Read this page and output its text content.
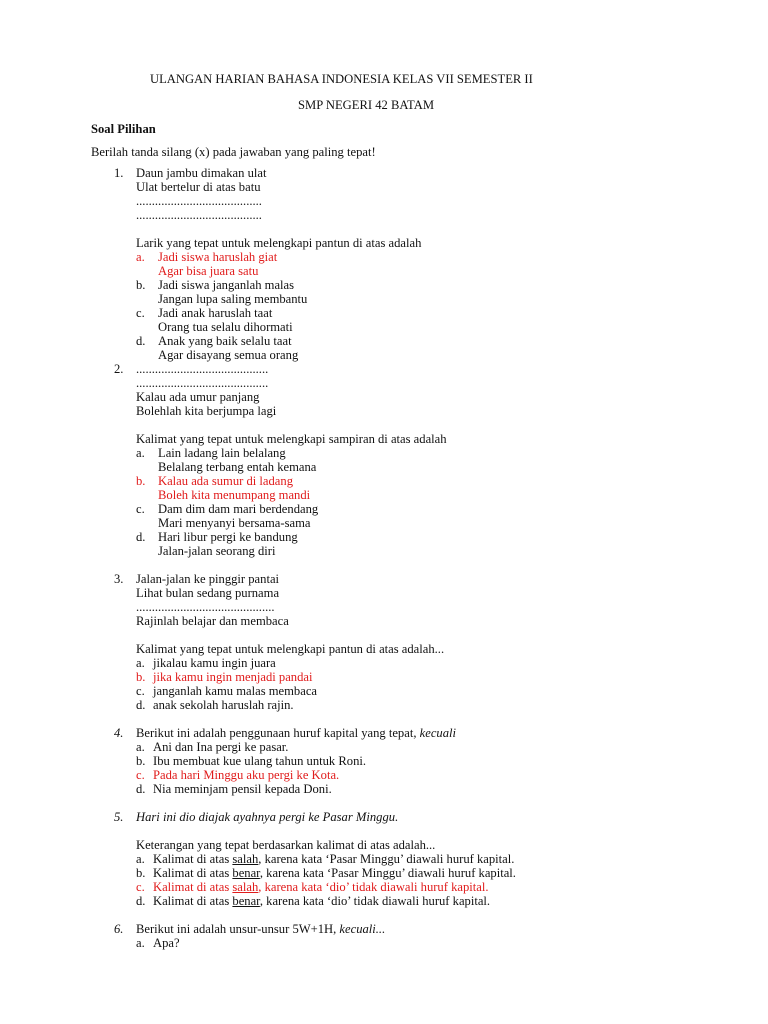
ULANGAN HARIAN BAHASA INDONESIA KELAS VII SEMESTER II
SMP NEGERI 42 BATAM
Soal Pilihan
Berilah tanda silang (x) pada jawaban yang paling tepat!
1. Daun jambu dimakan ulat
Ulat bertelur di atas batu
........................................
........................................
Larik yang tepat untuk melengkapi pantun di atas adalah
a. Jadi siswa haruslah giat
Agar bisa juara satu
b. Jadi siswa janganlah malas
Jangan lupa saling membantu
c. Jadi anak haruslah taat
Orang tua selalu dihormati
d. Anak yang baik selalu taat
Agar disayang semua orang
2. ..........................................
..........................................
Kalau ada umur panjang
Bolehlah kita berjumpa lagi
Kalimat yang tepat untuk melengkapi sampiran di atas adalah
a. Lain ladang lain belalang
Belalang terbang entah kemana
b. Kalau ada sumur di ladang
Boleh kita menumpang mandi
c. Dam dim dam mari berdendang
Mari menyanyi bersama-sama
d. Hari libur pergi ke bandung
Jalan-jalan seorang diri
3. Jalan-jalan ke pinggir pantai
Lihat bulan sedang purnama
............................................
Rajinlah belajar dan membaca
Kalimat yang tepat untuk melengkapi pantun di atas adalah...
a. jikalau kamu ingin juara
b. jika kamu ingin menjadi pandai
c. janganlah kamu malas membaca
d. anak sekolah haruslah rajin.
4. Berikut ini adalah penggunaan huruf kapital yang tepat, kecuali
a. Ani dan Ina pergi ke pasar.
b. Ibu membuat kue ulang tahun untuk Roni.
c. Pada hari Minggu aku pergi ke Kota.
d. Nia meminjam pensil kepada Doni.
5. Hari ini dio diajak ayahnya pergi ke Pasar Minggu.
Keterangan yang tepat berdasarkan kalimat di atas adalah...
a. Kalimat di atas salah, karena kata ‘Pasar Minggu’ diawali huruf kapital.
b. Kalimat di atas benar, karena kata ‘Pasar Minggu’ diawali huruf kapital.
c. Kalimat di atas salah, karena kata ‘dio’ tidak diawali huruf kapital.
d. Kalimat di atas benar, karena kata ‘dio’ tidak diawali huruf kapital.
6. Berikut ini adalah unsur-unsur 5W+1H, kecuali...
a. Apa?
